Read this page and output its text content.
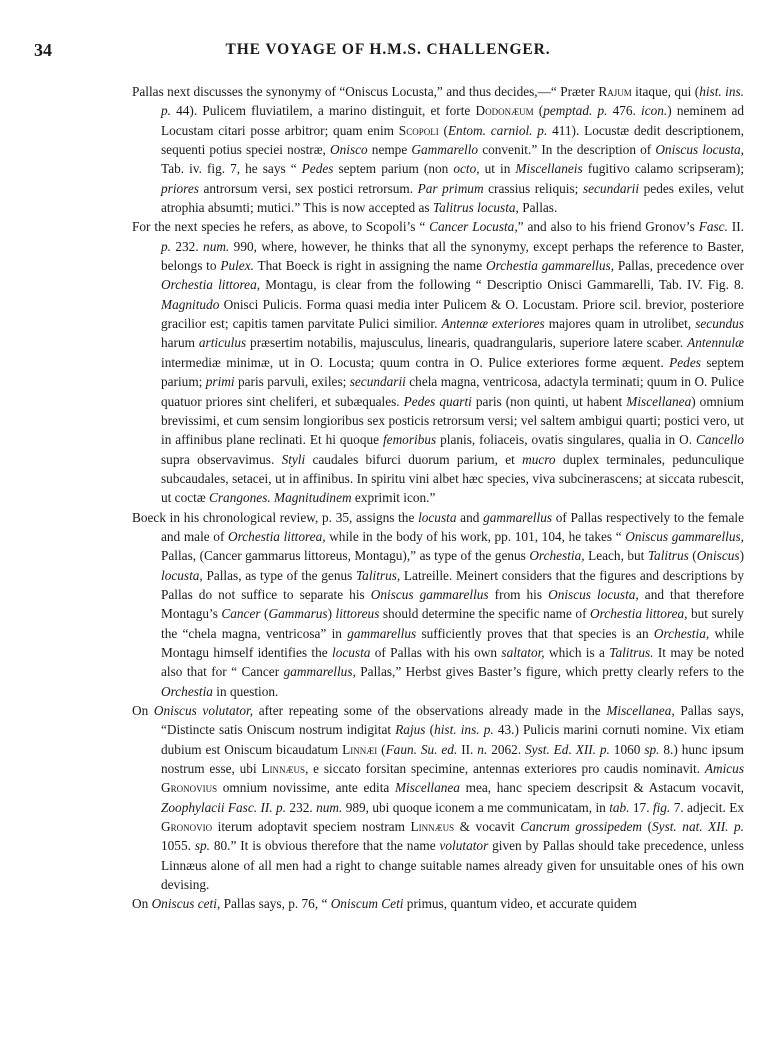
34	THE VOYAGE OF H.M.S. CHALLENGER.

Pallas next discusses the synonymy of “Oniscus Locusta,” and thus decides,—“ Præter Rajum itaque, qui (hist. ins. p. 44). Pulicem fluviatilem, a marino distinguit, et forte Dodonæum (pemptad. p. 476. icon.) neminem ad Locustam citari posse arbitror; quam enim Scopoli (Entom. carniol. p. 411). Locustæ dedit descriptionem, sequenti potius speciei nostræ, Onisco nempe Gammarello convenit.” In the description of Oniscus locusta, Tab. iv. fig. 7, he says “ Pedes septem parium (non octo, ut in Miscellaneis fugitivo calamo scripseram); priores antrorsum versi, sex postici retrorsum. Par primum crassius reliquis; secundarii pedes exiles, velut atrophia absumti; mutici.” This is now accepted as Talitrus locusta, Pallas.

For the next species he refers, as above, to Scopoli’s “ Cancer Locusta,” and also to his friend Gronov’s Fasc. II. p. 232. num. 990, where, however, he thinks that all the synonymy, except perhaps the reference to Baster, belongs to Pulex. That Boeck is right in assigning the name Orchestia gammarellus, Pallas, precedence over Orchestia littorea, Montagu, is clear from the following “ Descriptio Onisci Gammarelli, Tab. IV. Fig. 8. Magnitudo Onisci Pulicis. Forma quasi media inter Pulicem & O. Locustam. Priore scil. brevior, posteriore gracilior est; capitis tamen parvitate Pulici similior. Antennæ exteriores majores quam in utrolibet, secundus harum articulus præsertim notabilis, majusculus, linearis, quadrangularis, superiore latere scaber. Antennulæ intermediæ minimæ, ut in O. Locusta; quum contra in O. Pulice exteriores forme æquent. Pedes septem parium; primi paris parvuli, exiles; secundarii chela magna, ventricosa, adactyla terminati; quum in O. Pulice quatuor priores sint cheliferi, et subæquales. Pedes quarti paris (non quinti, ut habent Miscellanea) omnium brevissimi, et cum sensim longioribus sex posticis retrorsum versi; vel saltem ambigui quarti; postici vero, ut in affinibus plane reclinati. Et hi quoque femoribus planis, foliaceis, ovatis singulares, qualia in O. Cancello supra observavimus. Styli caudales bifurci duorum parium, et mucro duplex terminales, pedunculique subcaudales, setacei, ut in affinibus. In spiritu vini albet hæc species, viva subcinerascens; at siccata rubescit, ut coctæ Crangones. Magnitudinem exprimit icon.”

Boeck in his chronological review, p. 35, assigns the locusta and gammarellus of Pallas respectively to the female and male of Orchestia littorea, while in the body of his work, pp. 101, 104, he takes “ Oniscus gammarellus, Pallas, (Cancer gammarus littoreus, Montagu),” as type of the genus Orchestia, Leach, but Talitrus (Oniscus) locusta, Pallas, as type of the genus Talitrus, Latreille. Meinert considers that the figures and descriptions by Pallas do not suffice to separate his Oniscus gammarellus from his Oniscus locusta, and that therefore Montagu’s Cancer (Gammarus) littoreus should determine the specific name of Orchestia littorea, but surely the “chela magna, ventricosa” in gammarellus sufficiently proves that that species is an Orchestia, while Montagu himself identifies the locusta of Pallas with his own saltator, which is a Talitrus. It may be noted also that for “ Cancer gammarellus, Pallas,” Herbst gives Baster’s figure, which pretty clearly refers to the Orchestia in question.

On Oniscus volutator, after repeating some of the observations already made in the Miscellanea, Pallas says, “Distincte satis Oniscum nostrum indigitat Rajus (hist. ins. p. 43.) Pulicis marini cornuti nomine. Vix etiam dubium est Oniscum bicaudatum Linnæi (Faun. Su. ed. II. n. 2062. Syst. Ed. XII. p. 1060 sp. 8.) hunc ipsum nostrum esse, ubi Linnæus, e siccato forsitan specimine, antennas exteriores pro caudis nominavit. Amicus Gronovius omnium novissime, ante edita Miscellanea mea, hanc speciem descripsit & Astacum vocavit, Zoophylacii Fasc. II. p. 232. num. 989, ubi quoque iconem a me communicatam, in tab. 17. fig. 7. adjecit. Ex Gronovio iterum adoptavit speciem nostram Linnæus & vocavit Cancrum grossipedem (Syst. nat. XII. p. 1055. sp. 80.” It is obvious therefore that the name volutator given by Pallas should take precedence, unless Linnæus alone of all men had a right to change suitable names already given for unsuitable ones of his own devising.

On Oniscus ceti, Pallas says, p. 76, “ Oniscum Ceti primus, quantum video, et accurate quidem
